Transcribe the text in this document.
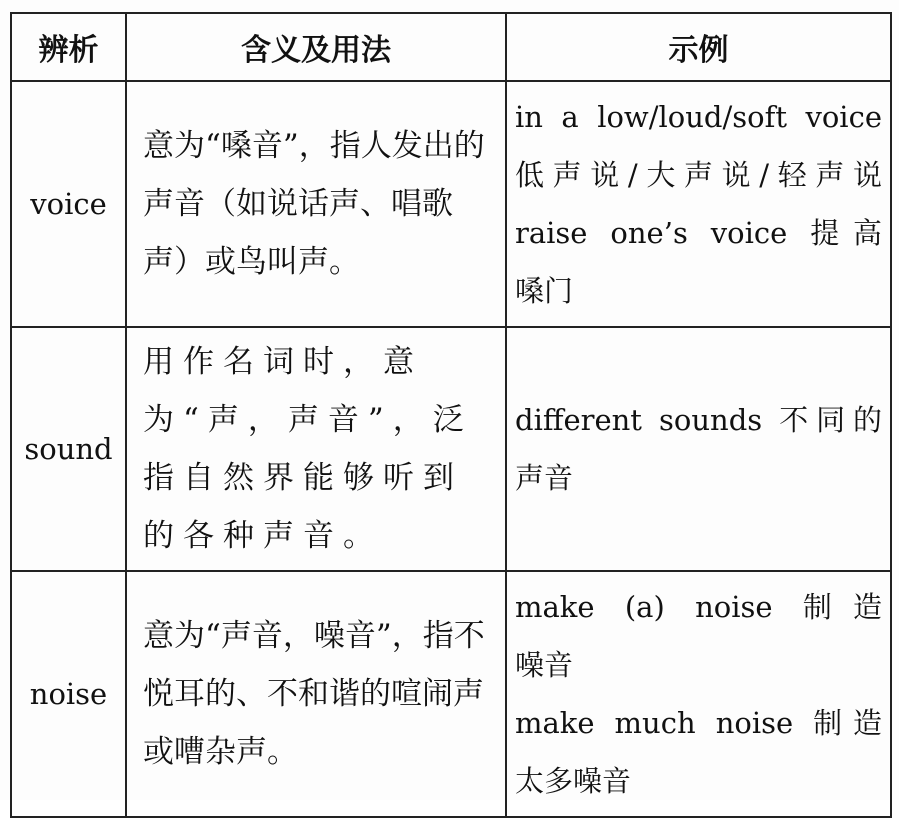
辨析	含义及用法	示例
voice	意为“嗓音”，指人发出的声音（如说话声、唱歌声）或鸟叫声。	in a low/loud/soft voice
低声说/大声说/轻声说
raise one’s voice 提高
嗓门

sound	用作名词时，意为“声，声音”，泛指自然界能够听到的各种声音。	different sounds 不同的
声音

noise	意为“声音，噪音”，指不悦耳的、不和谐的喧闹声或嘈杂声。	make (a) noise 制造
噪音
make much noise 制造
太多噪音
